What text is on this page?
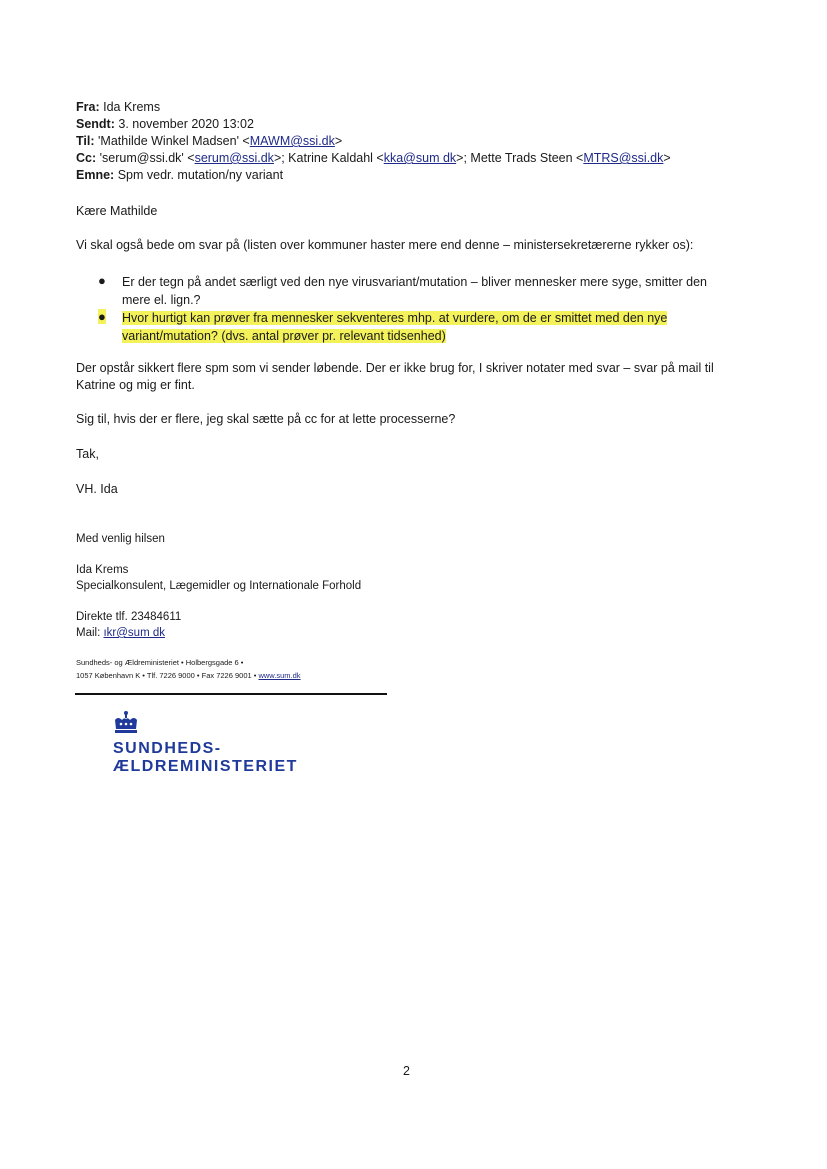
Fra: Ida Krems
Sendt: 3. november 2020 13:02
Til: 'Mathilde Winkel Madsen' <MAWM@ssi.dk>
Cc: 'serum@ssi.dk' <serum@ssi.dk>; Katrine Kaldahl <kka@sum dk>; Mette Trads Steen <MTRS@ssi.dk>
Emne: Spm vedr. mutation/ny variant
Kære Mathilde
Vi skal også bede om svar på (listen over kommuner haster mere end denne – ministersekretærerne rykker os):
● Er der tegn på andet særligt ved den nye virusvariant/mutation – bliver mennesker mere syge, smitter den
mere el. lign.?
● Hvor hurtigt kan prøver fra mennesker sekventeres mhp. at vurdere, om de er smittet med den nye
variant/mutation? (dvs. antal prøver pr. relevant tidsenhed)
Der opstår sikkert flere spm som vi sender løbende. Der er ikke brug for, I skriver notater med svar – svar på mail til
Katrine og mig er fint.
Sig til, hvis der er flere, jeg skal sætte på cc for at lette processerne?
Tak,
VH. Ida
Med venlig hilsen
Ida Krems
Specialkonsulent, Lægemidler og Internationale Forhold
Direkte tlf. 23484611
Mail: ıkr@sum dk
Sundheds- og Ældreministeriet • Holbergsgade 6 •
1057 København K • Tlf. 7226 9000 • Fax 7226 9001 • www.sum.dk
SUNDHEDS-
ÆLDREMINISTERIET
2
